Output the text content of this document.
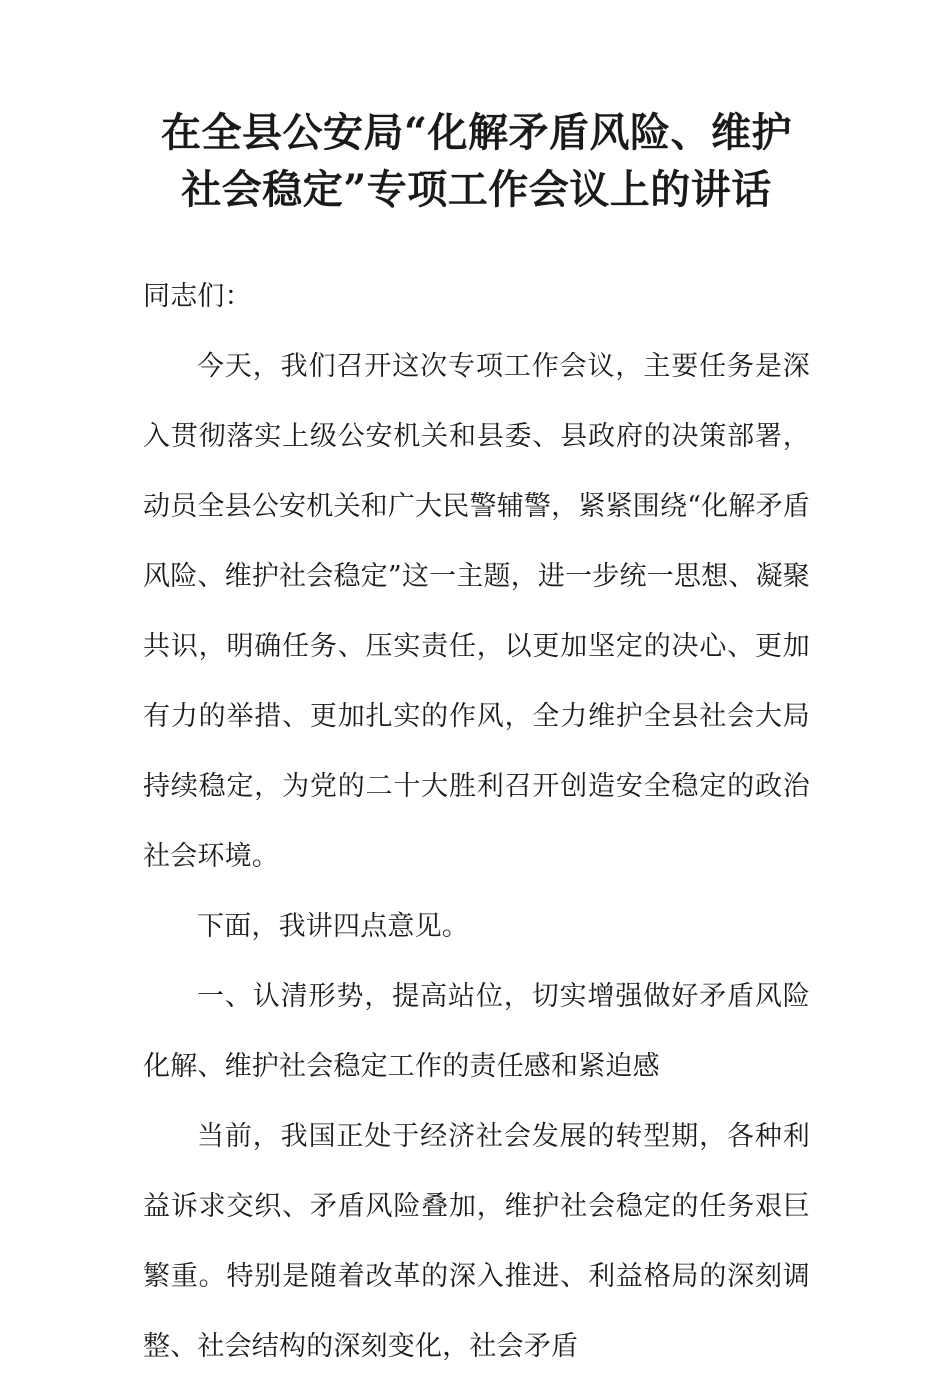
在全县公安局“化解矛盾风险、维护社会稳定”专项工作会议上的讲话

同志们：

今天，我们召开这次专项工作会议，主要任务是深入贯彻落实上级公安机关和县委、县政府的决策部署，动员全县公安机关和广大民警辅警，紧紧围绕“化解矛盾风险、维护社会稳定”这一主题，进一步统一思想、凝聚共识，明确任务、压实责任，以更加坚定的决心、更加有力的举措、更加扎实的作风，全力维护全县社会大局持续稳定，为党的二十大胜利召开创造安全稳定的政治社会环境。

下面，我讲四点意见。

一、认清形势，提高站位，切实增强做好矛盾风险化解、维护社会稳定工作的责任感和紧迫感

当前，我国正处于经济社会发展的转型期，各种利益诉求交织、矛盾风险叠加，维护社会稳定的任务艰巨繁重。特别是随着改革的深入推进、利益格局的深刻调整、社会结构的深刻变化，社会矛盾
